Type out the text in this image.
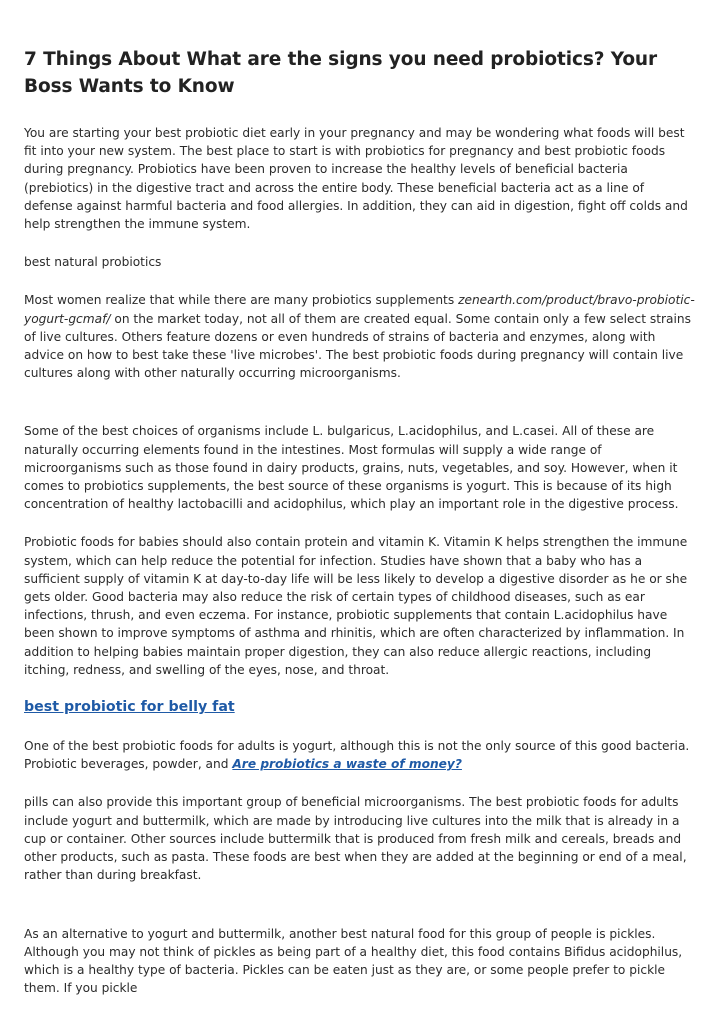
7 Things About What are the signs you need probiotics? Your Boss Wants to Know

You are starting your best probiotic diet early in your pregnancy and may be wondering what foods will best fit into your new system. The best place to start is with probiotics for pregnancy and best probiotic foods during pregnancy. Probiotics have been proven to increase the healthy levels of beneficial bacteria (prebiotics) in the digestive tract and across the entire body. These beneficial bacteria act as a line of defense against harmful bacteria and food allergies. In addition, they can aid in digestion, fight off colds and help strengthen the immune system.

best natural probiotics

Most women realize that while there are many probiotics supplements zenearth.com/product/bravo-probiotic-yogurt-gcmaf/ on the market today, not all of them are created equal. Some contain only a few select strains of live cultures. Others feature dozens or even hundreds of strains of bacteria and enzymes, along with advice on how to best take these 'live microbes'. The best probiotic foods during pregnancy will contain live cultures along with other naturally occurring microorganisms.

Some of the best choices of organisms include L. bulgaricus, L.acidophilus, and L.casei. All of these are naturally occurring elements found in the intestines. Most formulas will supply a wide range of microorganisms such as those found in dairy products, grains, nuts, vegetables, and soy. However, when it comes to probiotics supplements, the best source of these organisms is yogurt. This is because of its high concentration of healthy lactobacilli and acidophilus, which play an important role in the digestive process.

Probiotic foods for babies should also contain protein and vitamin K. Vitamin K helps strengthen the immune system, which can help reduce the potential for infection. Studies have shown that a baby who has a sufficient supply of vitamin K at day-to-day life will be less likely to develop a digestive disorder as he or she gets older. Good bacteria may also reduce the risk of certain types of childhood diseases, such as ear infections, thrush, and even eczema. For instance, probiotic supplements that contain L.acidophilus have been shown to improve symptoms of asthma and rhinitis, which are often characterized by inflammation. In addition to helping babies maintain proper digestion, they can also reduce allergic reactions, including itching, redness, and swelling of the eyes, nose, and throat.

best probiotic for belly fat

One of the best probiotic foods for adults is yogurt, although this is not the only source of this good bacteria. Probiotic beverages, powder, and Are probiotics a waste of money?

pills can also provide this important group of beneficial microorganisms. The best probiotic foods for adults include yogurt and buttermilk, which are made by introducing live cultures into the milk that is already in a cup or container. Other sources include buttermilk that is produced from fresh milk and cereals, breads and other products, such as pasta. These foods are best when they are added at the beginning or end of a meal, rather than during breakfast.

As an alternative to yogurt and buttermilk, another best natural food for this group of people is pickles. Although you may not think of pickles as being part of a healthy diet, this food contains Bifidus acidophilus, which is a healthy type of bacteria. Pickles can be eaten just as they are, or some people prefer to pickle them. If you pickle
